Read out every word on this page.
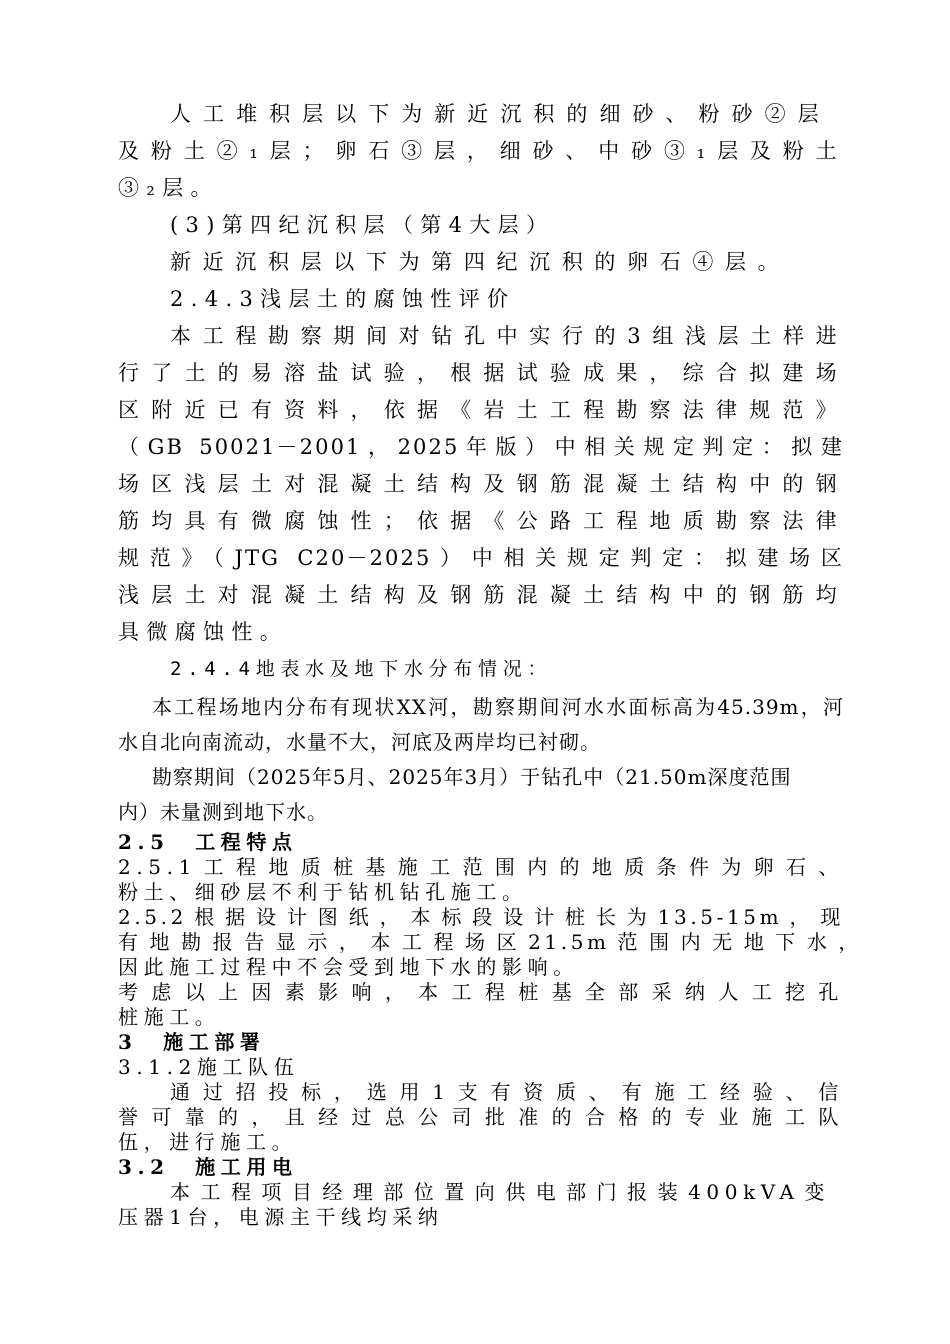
人工堆积层以下为新近沉积的细砂、粉砂②层
及粉土②₁层；卵石③层，细砂、中砂③₁层及粉土
③₂层。
(3)第四纪沉积层（第4大层）
新近沉积层以下为第四纪沉积的卵石④层。
2.4.3浅层土的腐蚀性评价
本工程勘察期间对钻孔中实行的3组浅层土样进
行了土的易溶盐试验，根据试验成果，综合拟建场
区附近已有资料，依据《岩土工程勘察法律规范》
（GB 50021－2001，2025年版）中相关规定判定：拟建
场区浅层土对混凝土结构及钢筋混凝土结构中的钢
筋均具有微腐蚀性；依据《公路工程地质勘察法律
规范》（JTG C20－2025）中相关规定判定：拟建场区
浅层土对混凝土结构及钢筋混凝土结构中的钢筋均
具微腐蚀性。
2.4.4地表水及地下水分布情况：
本工程场地内分布有现状XX河，勘察期间河水水面标高为45.39m，河
水自北向南流动，水量不大，河底及两岸均已衬砌。
勘察期间（2025年5月、2025年3月）于钻孔中（21.50m深度范围
内）未量测到地下水。
2.5　工程特点
2.5.1工程地质桩基施工范围内的地质条件为卵石、
粉土、细砂层不利于钻机钻孔施工。
2.5.2根据设计图纸，本标段设计桩长为13.5-15m，现
有地勘报告显示，本工程场区21.5m范围内无地下水，
因此施工过程中不会受到地下水的影响。
考虑以上因素影响，本工程桩基全部采纳人工挖孔
桩施工。
3　施工部署
3.1.2施工队伍
通过招投标，选用1支有资质、有施工经验、信
誉可靠的，且经过总公司批准的合格的专业施工队
伍，进行施工。
3.2　施工用电
本工程项目经理部位置向供电部门报装400kVA变
压器1台，电源主干线均采纳
